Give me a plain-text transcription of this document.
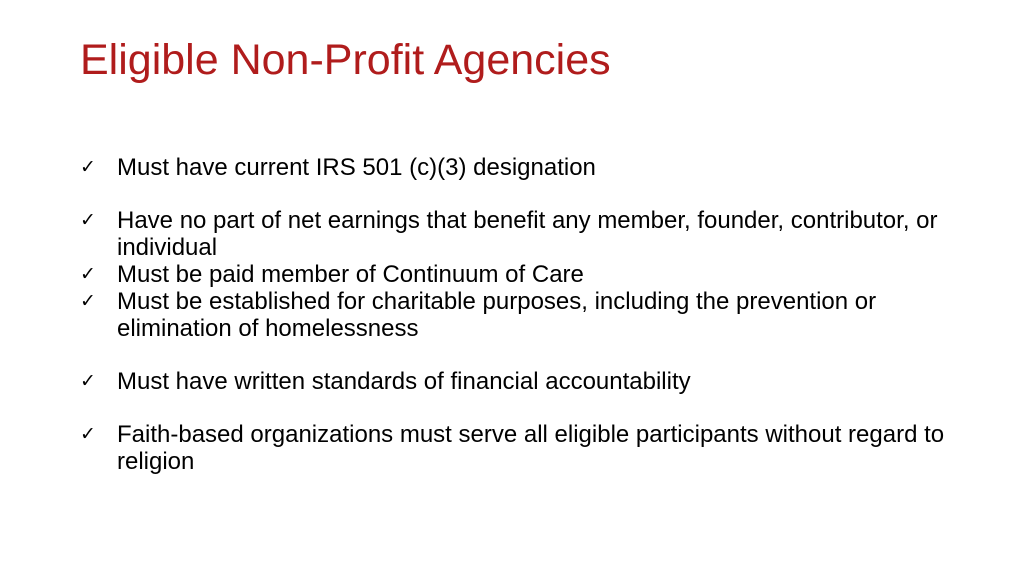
Eligible Non-Profit Agencies
✓ Must have current IRS 501 (c)(3) designation
✓ Have no part of net earnings that benefit any member, founder, contributor, or individual
✓ Must be paid member of Continuum of Care
✓ Must be established for charitable purposes, including the prevention or elimination of homelessness
✓ Must have written standards of financial accountability
✓ Faith-based organizations must serve all eligible participants without regard to religion
